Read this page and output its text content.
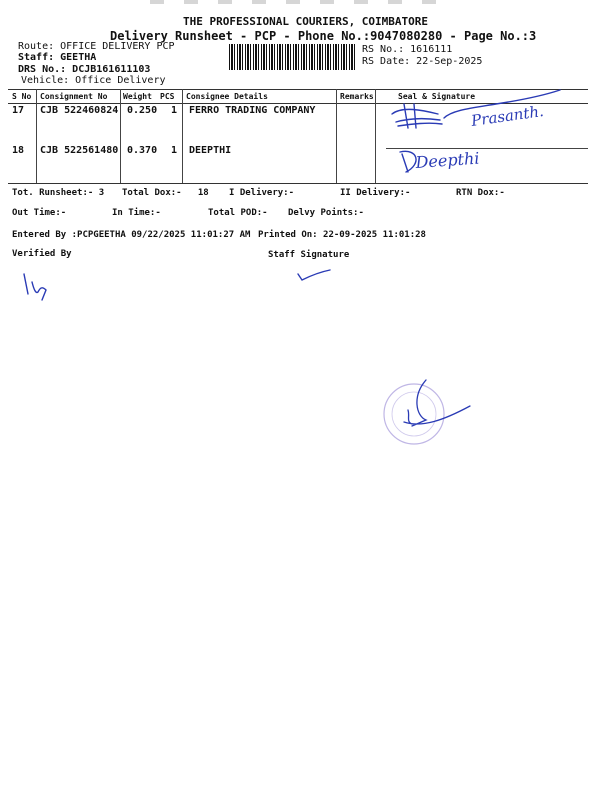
THE PROFESSIONAL COURIERS, COIMBATORE
Delivery Runsheet - PCP - Phone No.:9047080280 - Page No.:3
Route: OFFICE DELIVERY PCP
Staff: GEETHA
DRS No.: DCJB161611103
Vehicle: Office Delivery
RS No.: 1616111
RS Date: 22-Sep-2025
S No Consignment No Weight PCS Consignee Details	Remarks	Seal & Signature
17 CJB 522460824 0.250 1 FERRO TRADING COMPANY
18 CJB 522561480 0.370 1 DEEPTHI
Prasanth.
Deepthi
Tot. Runsheet:- 3 Total Dox:-   18 I Delivery:-	II Delivery:-	RTN Dox:-
Out Time:-	In Time:-	Total POD:- Delvy Points:-
Entered By :PCPGEETHA 09/22/2025 11:01:27 AM Printed On: 22-09-2025 11:01:28
Verified By	Staff Signature
